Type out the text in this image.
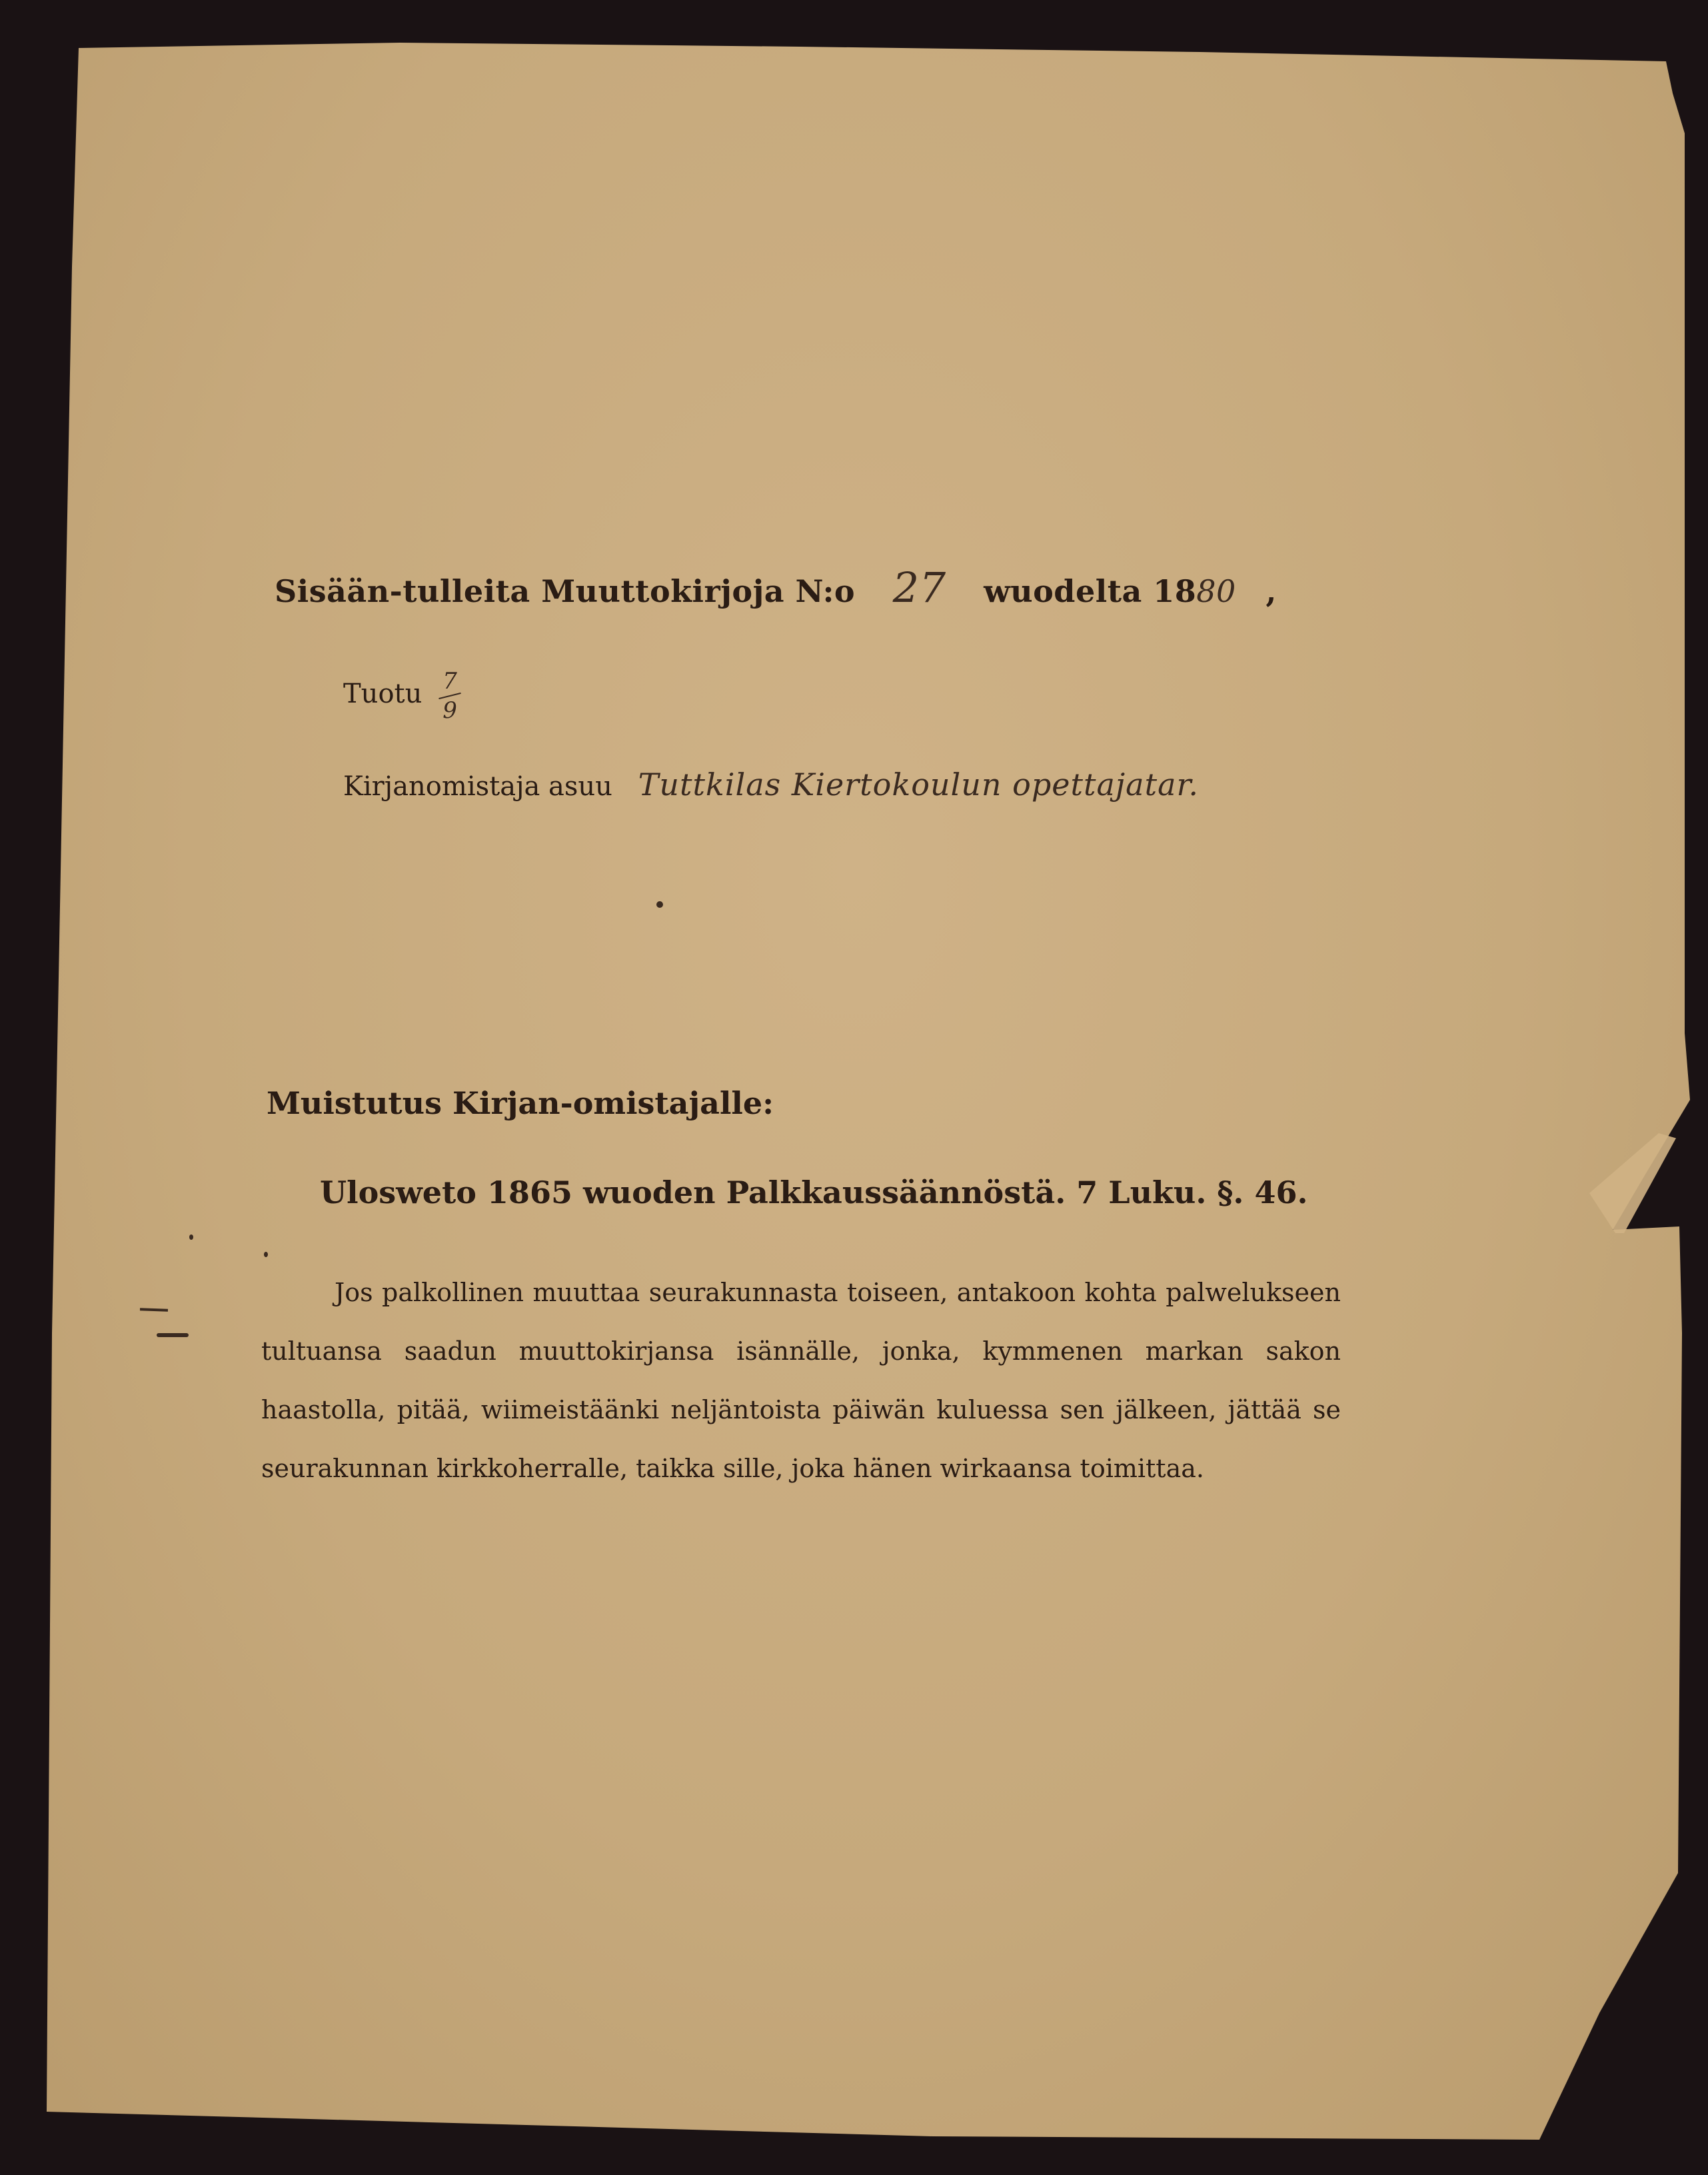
Sisään-tulleita Muuttokirjoja N:o 27 wuodelta 1880 ,
Tuotu 7
9
Kirjanomistaja asuu Tuttkilas Kiertokoulun opettajatar.
Muistutus Kirjan-omistajalle:
Ulosweto 1865 wuoden Palkkaussäännöstä. 7 Luku. §. 46.

Jos palkollinen muuttaa seurakunnasta toiseen, antakoon kohta palwelukseen tultuansa saadun muuttokirjansa isännälle, jonka, kymmenen markan sakon haastolla, pitää, wiimeistäänki neljäntoista päiwän kuluessa sen jälkeen, jättää se seurakunnan kirkkoherralle, taikka sille, joka hänen wirkaansa toimittaa.
